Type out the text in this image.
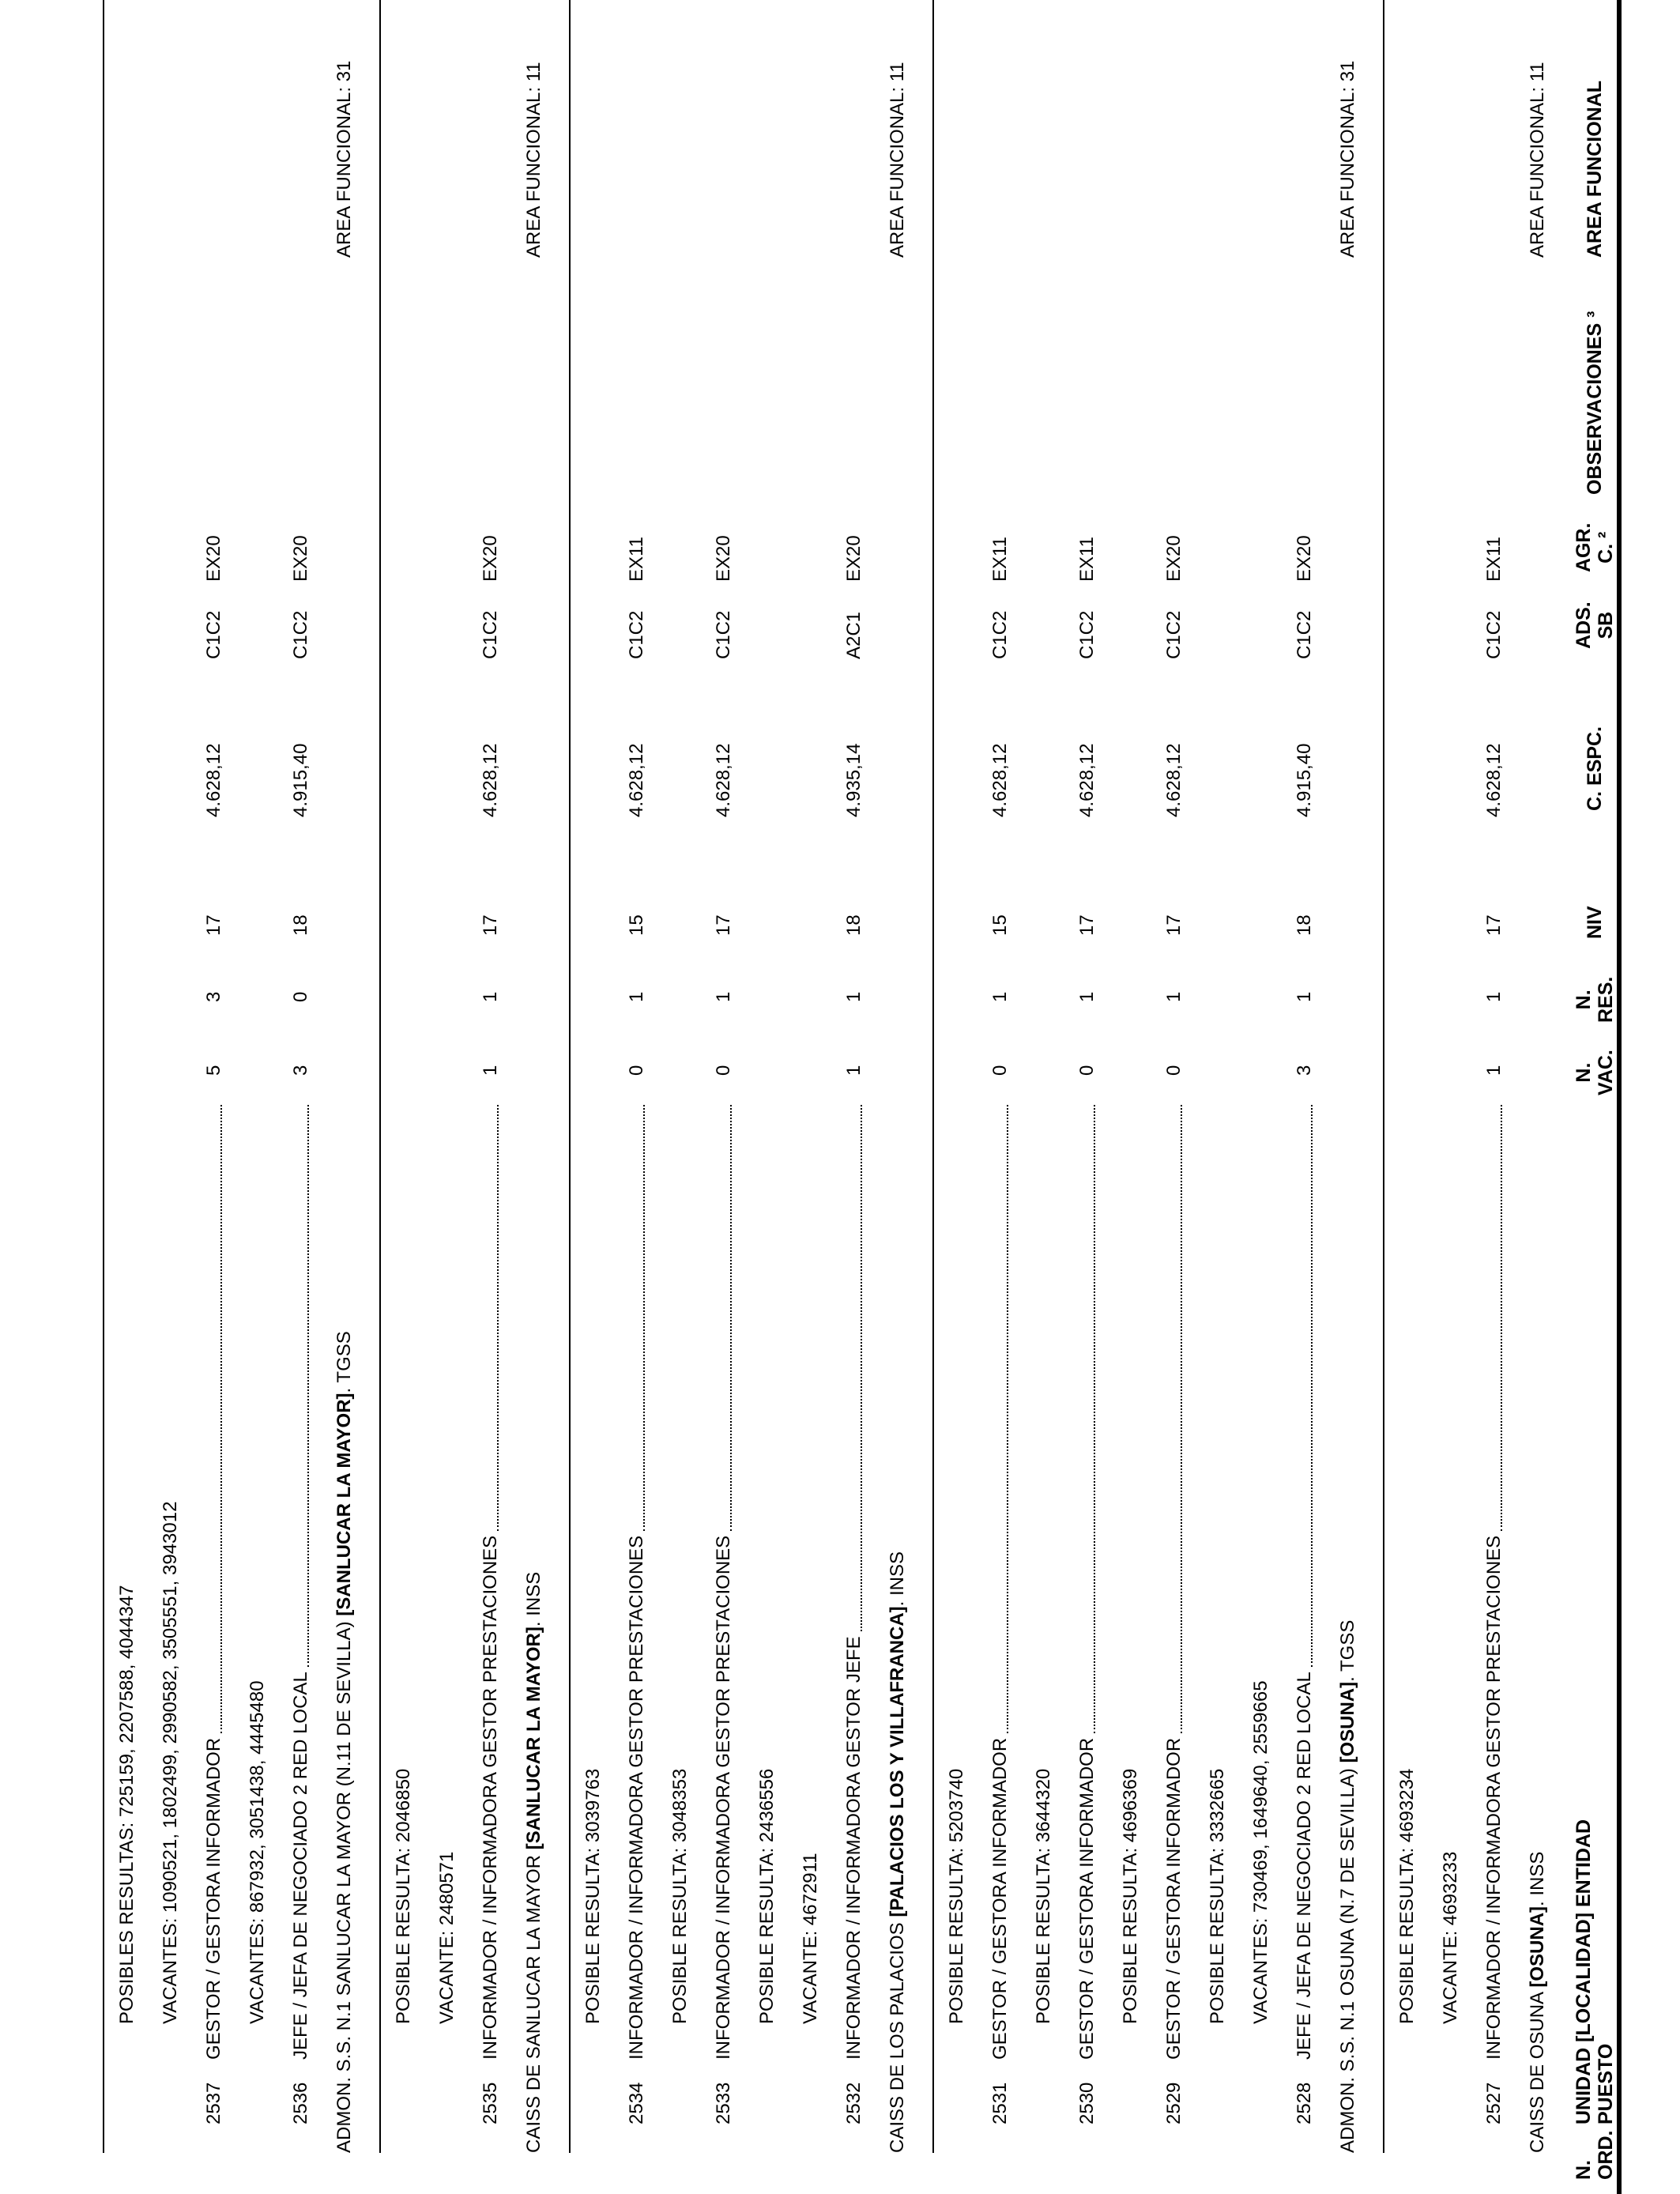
N. ORD.
UNIDAD [LOCALIDAD] ENTIDAD PUESTO
N. VAC.
N. RES.
NIV
C. ESPC.
ADS. SB
AGR. C. ²
OBSERVACIONES ³
AREA FUNCIONAL
CAISS DE OSUNA [OSUNA]. INSS
AREA FUNCIONAL: 11
2527
INFORMADOR / INFORMADORA GESTOR PRESTACIONES
1
1
17
4.628,12
C1C2
EX11
VACANTE: 4693233
POSIBLE RESULTA: 4693234
ADMON. S.S. N.1 OSUNA (N.7 DE SEVILLA) [OSUNA]. TGSS
AREA FUNCIONAL: 31
2528
JEFE / JEFA DE NEGOCIADO 2 RED LOCAL
3
1
18
4.915,40
C1C2
EX20
VACANTES: 730469, 1649640, 2559665
POSIBLE RESULTA: 3332665
2529
GESTOR / GESTORA INFORMADOR
0
1
17
4.628,12
C1C2
EX20
POSIBLE RESULTA: 4696369
2530
GESTOR / GESTORA INFORMADOR
0
1
17
4.628,12
C1C2
EX11
POSIBLE RESULTA: 3644320
2531
GESTOR / GESTORA INFORMADOR
0
1
15
4.628,12
C1C2
EX11
POSIBLE RESULTA: 5203740
CAISS DE LOS PALACIOS [PALACIOS LOS Y VILLAFRANCA]. INSS
AREA FUNCIONAL: 11
2532
INFORMADOR / INFORMADORA GESTOR JEFE
1
1
18
4.935,14
A2C1
EX20
VACANTE: 4672911
POSIBLE RESULTA: 2436556
2533
INFORMADOR / INFORMADORA GESTOR PRESTACIONES
0
1
17
4.628,12
C1C2
EX20
POSIBLE RESULTA: 3048353
2534
INFORMADOR / INFORMADORA GESTOR PRESTACIONES
0
1
15
4.628,12
C1C2
EX11
POSIBLE RESULTA: 3039763
CAISS DE SANLUCAR LA MAYOR [SANLUCAR LA MAYOR]. INSS
AREA FUNCIONAL: 11
2535
INFORMADOR / INFORMADORA GESTOR PRESTACIONES
1
1
17
4.628,12
C1C2
EX20
VACANTE: 2480571
POSIBLE RESULTA: 2046850
ADMON. S.S. N.1 SANLUCAR LA MAYOR (N.11 DE SEVILLA) [SANLUCAR LA MAYOR]. TGSS
AREA FUNCIONAL: 31
2536
JEFE / JEFA DE NEGOCIADO 2 RED LOCAL
3
0
18
4.915,40
C1C2
EX20
VACANTES: 867932, 3051438, 4445480
2537
GESTOR / GESTORA INFORMADOR
5
3
17
4.628,12
C1C2
EX20
VACANTES: 1090521, 1802499, 2990582, 3505551, 3943012
POSIBLES RESULTAS: 725159, 2207588, 4044347
